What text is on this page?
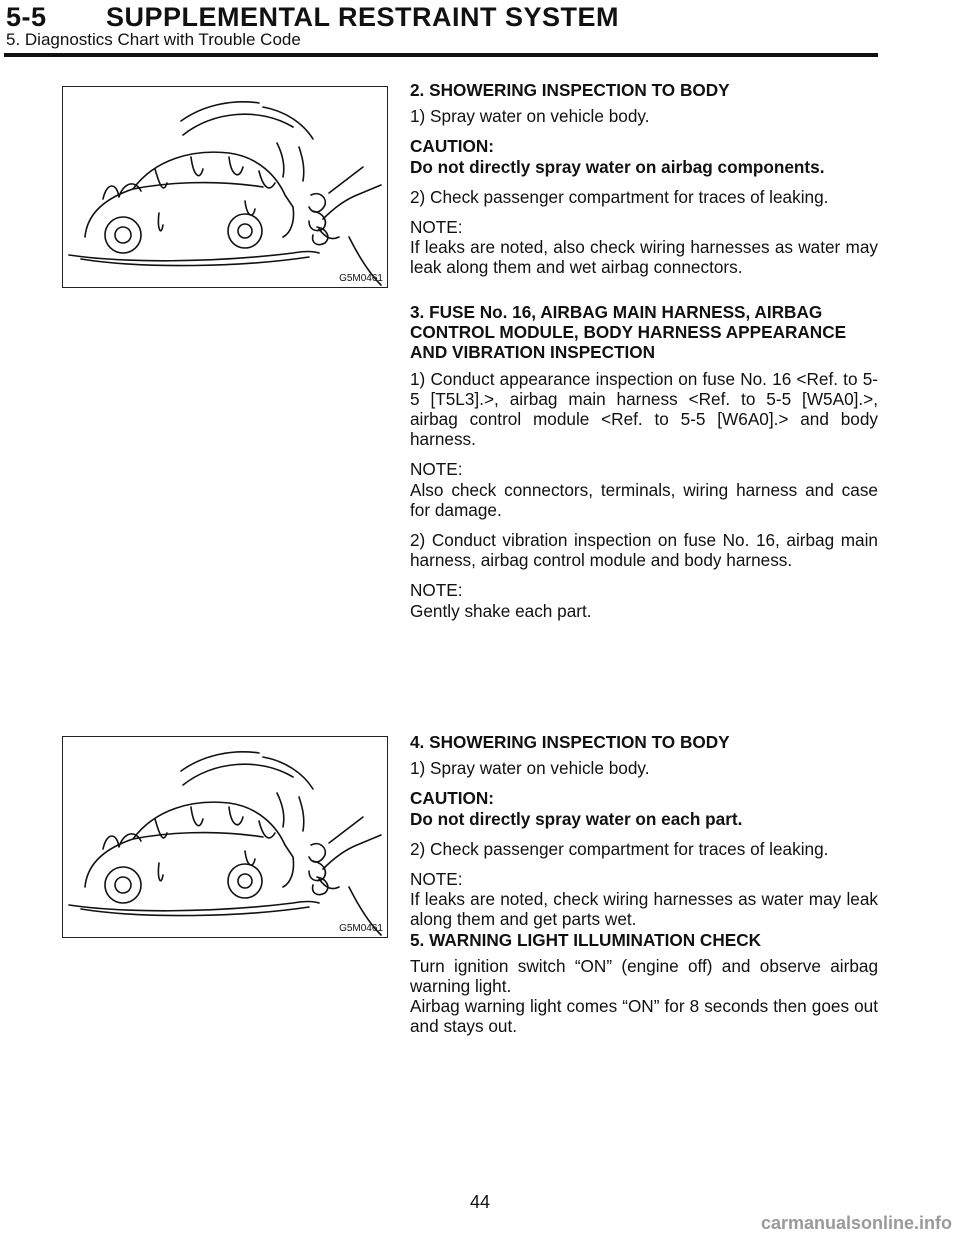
5-5 SUPPLEMENTAL RESTRAINT SYSTEM
5. Diagnostics Chart with Trouble Code
G5M0461
G5M0461

2. SHOWERING INSPECTION TO BODY

1) Spray water on vehicle body.

CAUTION:
Do not directly spray water on airbag components.

2) Check passenger compartment for traces of leaking.

NOTE:
If leaks are noted, also check wiring harnesses as water may leak along them and wet airbag connectors.

3. FUSE No. 16, AIRBAG MAIN HARNESS, AIRBAG CONTROL MODULE, BODY HARNESS APPEARANCE AND VIBRATION INSPECTION

1) Conduct appearance inspection on fuse No. 16 <Ref. to 5-5 [T5L3].>, airbag main harness <Ref. to 5-5 [W5A0].>, airbag control module <Ref. to 5-5 [W6A0].> and body harness.

NOTE:
Also check connectors, terminals, wiring harness and case for damage.

2) Conduct vibration inspection on fuse No. 16, airbag main harness, airbag control module and body harness.

NOTE:
Gently shake each part.

4. SHOWERING INSPECTION TO BODY

1) Spray water on vehicle body.

CAUTION:
Do not directly spray water on each part.

2) Check passenger compartment for traces of leaking.

NOTE:
If leaks are noted, check wiring harnesses as water may leak along them and get parts wet.

5. WARNING LIGHT ILLUMINATION CHECK

Turn ignition switch “ON” (engine off) and observe airbag warning light.

Airbag warning light comes “ON” for 8 seconds then goes out and stays out.

44
carmanualsonline.info
